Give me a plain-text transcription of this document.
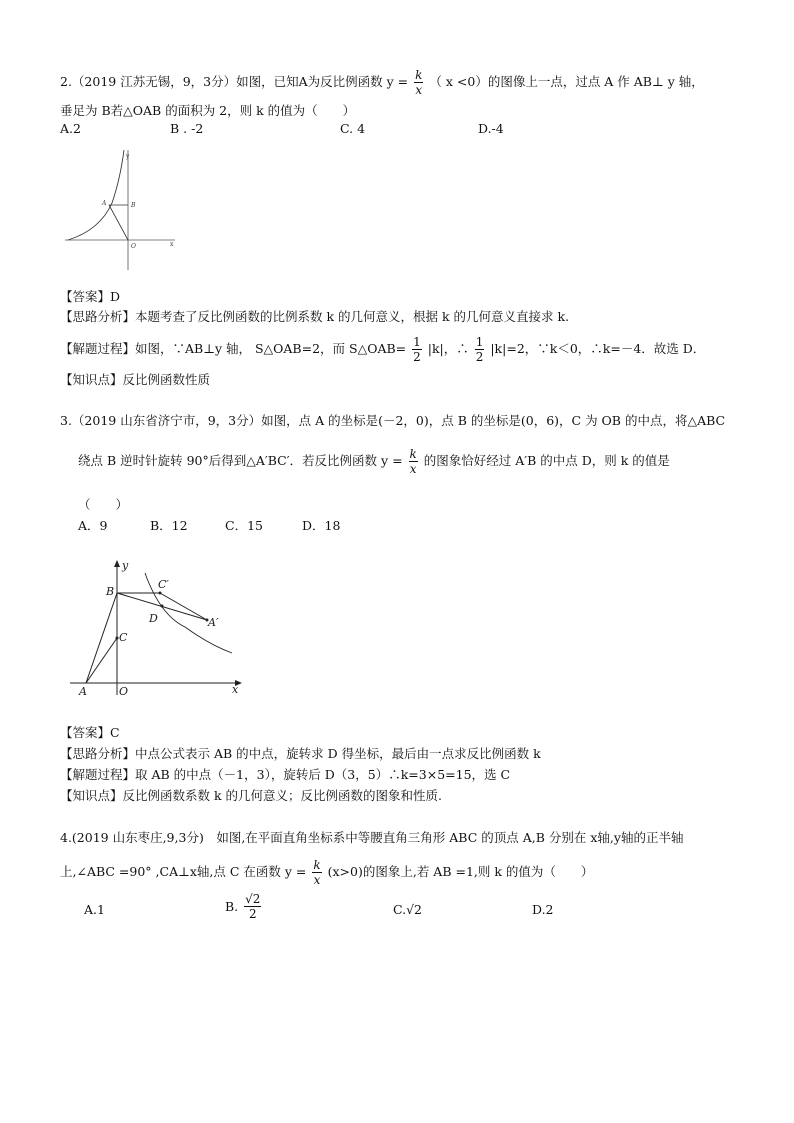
2.（2019 江苏无锡，9，3分）如图，已知A为反比例函数 $y = \frac{k}{x}$ （ x <0）的图像上一点，过点 A 作 AB⊥ y 轴，
垂足为 B若△OAB 的面积为 2，则 k 的值为（　　）
A.2	B . -2	C. 4	D.-4
y
x
A	B
O
【答案】D
【思路分析】本题考查了反比例函数的比例系数 k 的几何意义，根据 k 的几何意义直接求 k.
【解题过程】如图，∵AB⊥y 轴， S△OAB=2，而 S△OAB= $\frac{1}{2} |k|$，∴ $\frac{1}{2} |k|=2$，∵k＜0，∴k=－4．故选 D．
【知识点】反比例函数性质
3.（2019 山东省济宁市，9，3分）如图，点 A 的坐标是(－2，0)，点 B 的坐标是(0，6)，C 为 OB 的中点，将△ABC
绕点 B 逆时针旋转 90°后得到△A′BC′．若反比例函数 $y = \frac{k}{x}$ 的图象恰好经过 A′B 的中点 D，则 k 的值是
（　　）
A．9	B．12	C．15	D．18
y
x
B
C
C′
D	A′
A	O
【答案】C
【思路分析】中点公式表示 AB 的中点，旋转求 D 得坐标，最后由一点求反比例函数 k
【解题过程】取 AB 的中点（－1，3），旋转后 D（3，5）∴k=3×5=15，选 C
【知识点】反比例函数系数 k 的几何意义；反比例函数的图象和性质.
4.(2019 山东枣庄,9,3分)　如图,在平面直角坐标系中等腰直角三角形 ABC 的顶点 A,B 分别在 x轴,y轴的正半轴
上,∠ABC =90° ,CA⊥x轴,点 C 在函数 $y = \frac{k}{x} (x>0)$的图象上,若 AB =1,则 k 的值为（　　）
A.1	B. $\frac{√2}{2}$	C.√2	D.2
